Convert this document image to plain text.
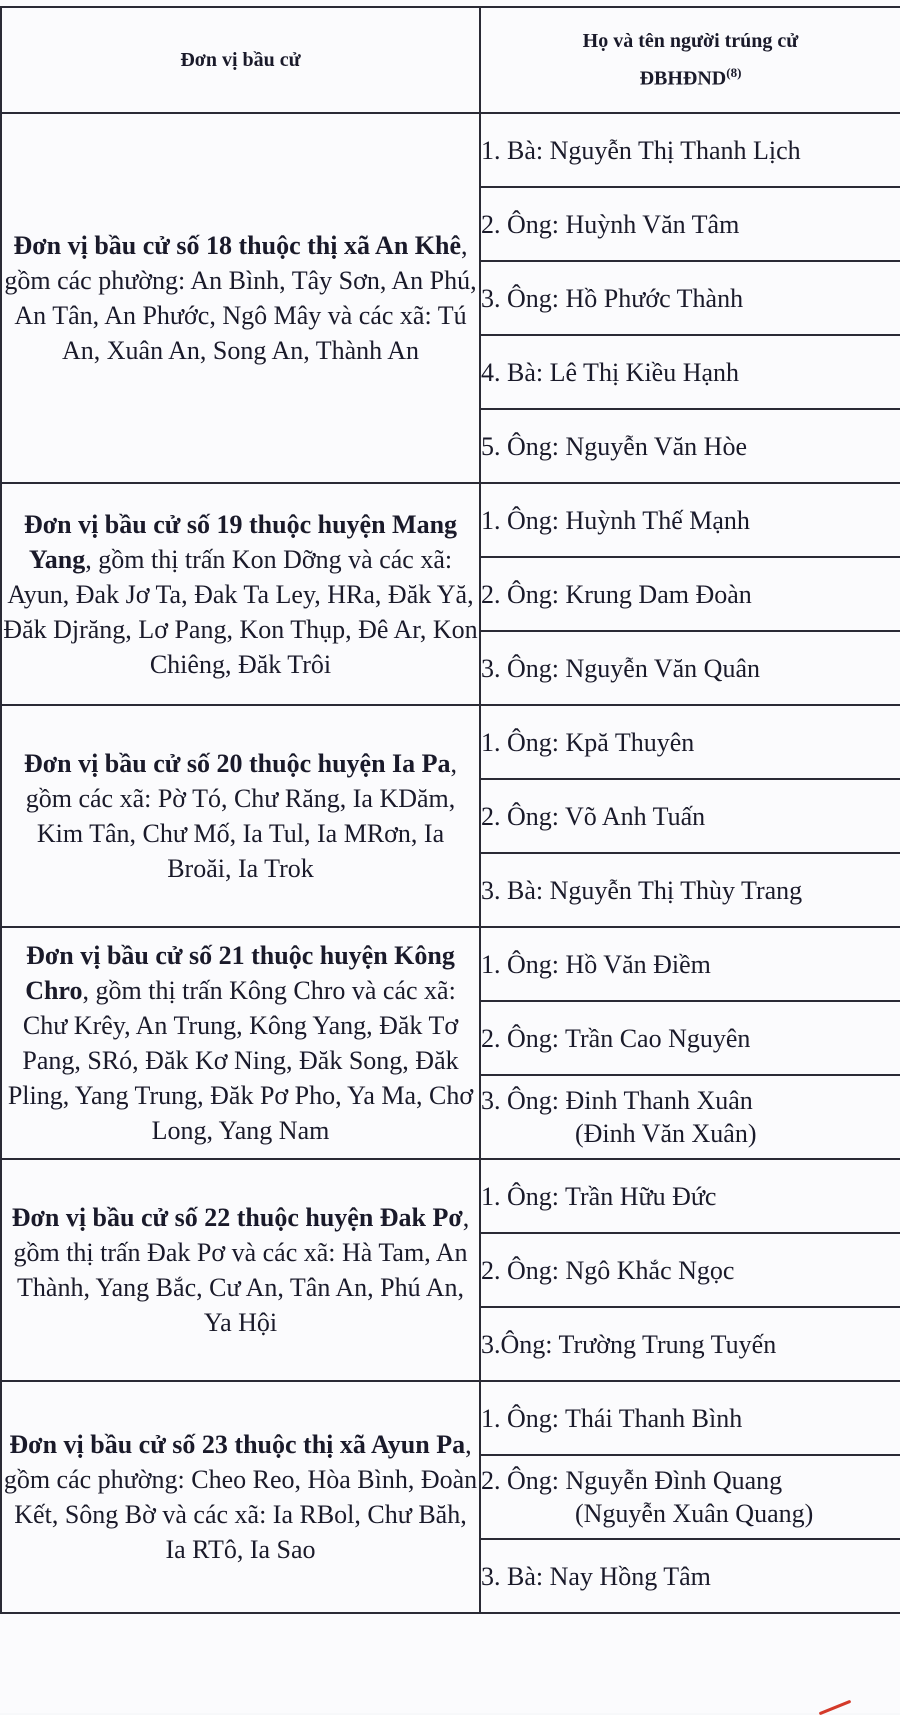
Đơn vị bầu cử	Họ và tên người trúng cử
ĐBHĐND$^{(8)}$
Đơn vị bầu cử số 18 thuộc thị xã An Khê, gồm các phường: An Bình, Tây Sơn, An Phú, An Tân, An Phước, Ngô Mây và các xã: Tú An, Xuân An, Song An, Thành An	1. Bà: Nguyễn Thị Thanh Lịch
	2. Ông: Huỳnh Văn Tâm
	3. Ông: Hồ Phước Thành
	4. Bà: Lê Thị Kiều Hạnh
	5. Ông: Nguyễn Văn Hòe
Đơn vị bầu cử số 19 thuộc huyện Mang Yang, gồm thị trấn Kon Dỡng và các xã: Ayun, Đak Jơ Ta, Đak Ta Ley, HRa, Đăk Yă, Đăk Djrăng, Lơ Pang, Kon Thụp, Đê Ar, Kon Chiêng, Đăk Trôi	1. Ông: Huỳnh Thế Mạnh
	2. Ông: Krung Dam Đoàn
	3. Ông: Nguyễn Văn Quân
Đơn vị bầu cử số 20 thuộc huyện Ia Pa, gồm các xã: Pờ Tó, Chư Răng, Ia KDăm, Kim Tân, Chư Mố, Ia Tul, Ia MRơn, Ia Broăi, Ia Trok	1. Ông: Kpă Thuyên
	2. Ông: Võ Anh Tuấn
	3. Bà: Nguyễn Thị Thùy Trang
Đơn vị bầu cử số 21 thuộc huyện Kông Chro, gồm thị trấn Kông Chro và các xã: Chư Krêy, An Trung, Kông Yang, Đăk Tơ Pang, SRó, Đăk Kơ Ning, Đăk Song, Đăk Pling, Yang Trung, Đăk Pơ Pho, Ya Ma, Chơ Long, Yang Nam	1. Ông: Hồ Văn Điềm
	2. Ông: Trần Cao Nguyên
	3. Ông: Đinh Thanh Xuân
(Đinh Văn Xuân)

Đơn vị bầu cử số 22 thuộc huyện Đak Pơ, gồm thị trấn Đak Pơ và các xã: Hà Tam, An Thành, Yang Bắc, Cư An, Tân An, Phú An, Ya Hội	1. Ông: Trần Hữu Đức
	2. Ông: Ngô Khắc Ngọc
	3.Ông: Trường Trung Tuyến
Đơn vị bầu cử số 23 thuộc thị xã Ayun Pa, gồm các phường: Cheo Reo, Hòa Bình, Đoàn Kết, Sông Bờ và các xã: Ia RBol, Chư Băh, Ia RTô, Ia Sao	1. Ông: Thái Thanh Bình
	2. Ông: Nguyễn Đình Quang
(Nguyễn Xuân Quang)

	3. Bà: Nay Hồng Tâm
